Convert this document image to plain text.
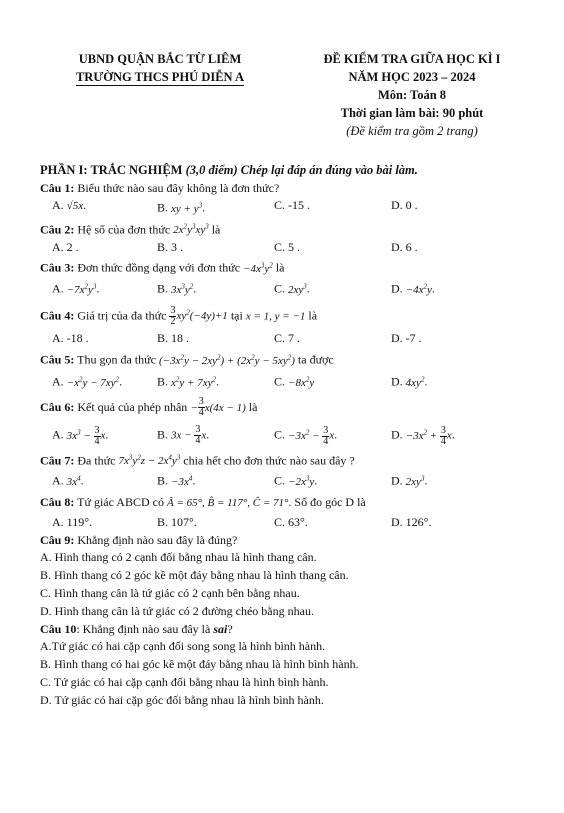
UBND QUẬN BẮC TỪ LIÊM
TRƯỜNG THCS PHÚ DIỄN A
ĐỀ KIỂM TRA GIỮA HỌC KÌ I
NĂM HỌC 2023 – 2024
Môn: Toán 8
Thời gian làm bài: 90 phút
(Đề kiểm tra gồm 2 trang)
PHẦN I: TRẮC NGHIỆM (3,0 điểm) Chép lại đáp án đúng vào bài làm.
Câu 1: Biểu thức nào sau đây không là đơn thức?
A. √5x.	B. xy + $y^3$.	C. -15 .	D. 0 .
Câu 2: Hệ số của đơn thức $2x^2y^3xy^3$ là
A. 2 .	B. 3 .	C. 5 .	D. 6 .
Câu 3: Đơn thức đồng dạng với đơn thức $-4x^3y^2$ là
A. $-7x^2y^3$.	B. $3x^3y^2$.	C. $2xy^3$.	D. $-4x^2y$.
Câu 4: Giá trị của đa thức $\frac{3}{2} xy^2(-4y)+1$ tại x = 1, y = −1 là
A. -18 .	B. 18 .	C. 7 .	D. -7 .
Câu 5: Thu gọn đa thức $(-3x^2y - 2xy^2) + (2x^2y - 5xy^2)$ ta được
A. $-x^2y - 7xy^2$.	B. $x^2y + 7xy^2$.	C. $-8x^2y$	D. $4xy^2$.
Câu 6: Kết quả của phép nhân − $\frac{3}{4} x(4x - 1)$ là
A. $3x^3 - \frac{3}{4} x$.	B. $3x - \frac{3}{4} x$.	C. $-3x^2 - \frac{3}{4} x$.	D. $-3x^2 + \frac{3}{4} x$.
Câu 7: Đa thức $7x^3y^2z - 2x^4y^3$ chia hết cho đơn thức nào sau đây ?
A. $3x^4$.	B. $-3x^4$.	C. $-2x^3y$.	D. $2xy^3$.
Câu 8: Tứ giác ABCD có Â = 65°, B̂ = 117°, Ĉ = 71°. Số đo góc D là
A. 119°.	B. 107°.	C. 63°.	D. 126°.
Câu 9: Khẳng định nào sau đây là đúng?
A. Hình thang có 2 cạnh đối bằng nhau là hình thang cân.
B. Hình thang có 2 góc kề một đáy bằng nhau là hình thang cân.
C. Hình thang cân là tứ giác có 2 cạnh bên bằng nhau.
D. Hình thang cân là tứ giác có 2 đường chéo bằng nhau.
Câu 10: Khẳng định nào sau đây là sai?
A.Tứ giác có hai cặp cạnh đối song song là hình bình hành.
B. Hình thang có hai góc kề một đáy bằng nhau là hình bình hành.
C. Tứ giác có hai cặp cạnh đối bằng nhau là hình bình hành.
D. Tứ giác có hai cặp góc đối bằng nhau là hình bình hành.
